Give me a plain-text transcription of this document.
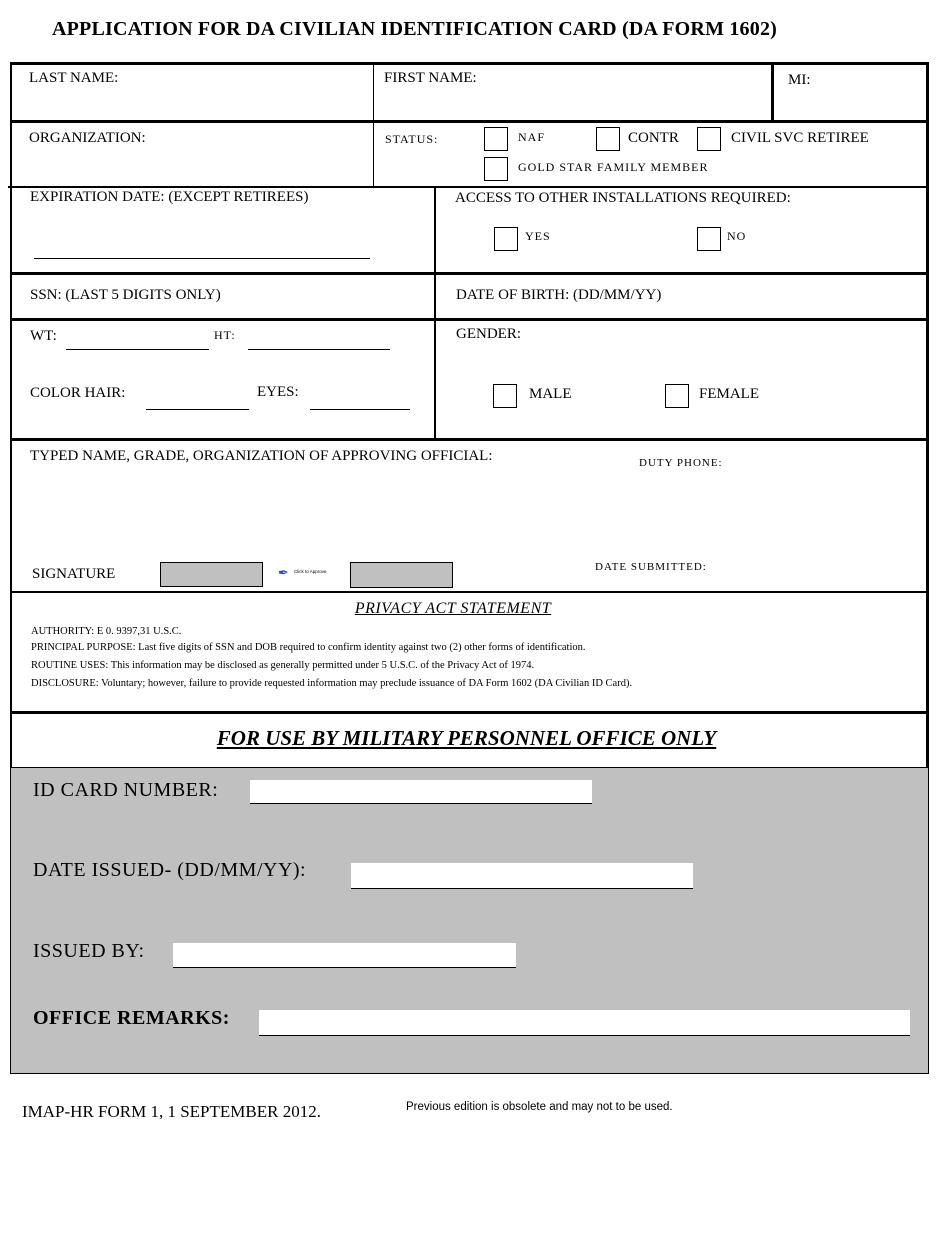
APPLICATION FOR DA CIVILIAN IDENTIFICATION CARD (DA FORM 1602)
LAST NAME:	FIRST NAME:	MI:
ORGANIZATION:	STATUS:	NAF	CONTR	CIVIL SVC RETIREE
GOLD STAR FAMILY MEMBER
EXPIRATION DATE: (EXCEPT RETIREES)	ACCESS TO OTHER INSTALLATIONS REQUIRED:
YES	NO
SSN: (LAST 5 DIGITS ONLY)	DATE OF BIRTH: (DD/MM/YY)
WT:	HT:
COLOR HAIR:	EYES:
GENDER:
MALE	FEMALE
TYPED NAME, GRADE, ORGANIZATION OF APPROVING OFFICIAL:	DUTY PHONE:
SIGNATURE	✒ Click to Approve	DATE SUBMITTED:
PRIVACY ACT STATEMENT
AUTHORITY: E 0. 9397,31 U.S.C.
PRINCIPAL PURPOSE: Last five digits of SSN and DOB required to confirm identity against two (2) other forms of identification.
ROUTINE USES: This information may be disclosed as generally permitted under 5 U.S.C. of the Privacy Act of 1974.
DISCLOSURE: Voluntary; however, failure to provide requested information may preclude issuance of DA Form 1602 (DA Civilian ID Card).
FOR USE BY MILITARY PERSONNEL OFFICE ONLY
ID CARD NUMBER:
DATE ISSUED- (DD/MM/YY):
ISSUED BY:
OFFICE REMARKS:
IMAP-HR FORM 1, 1 SEPTEMBER 2012.	Previous edition is obsolete and may not to be used.
